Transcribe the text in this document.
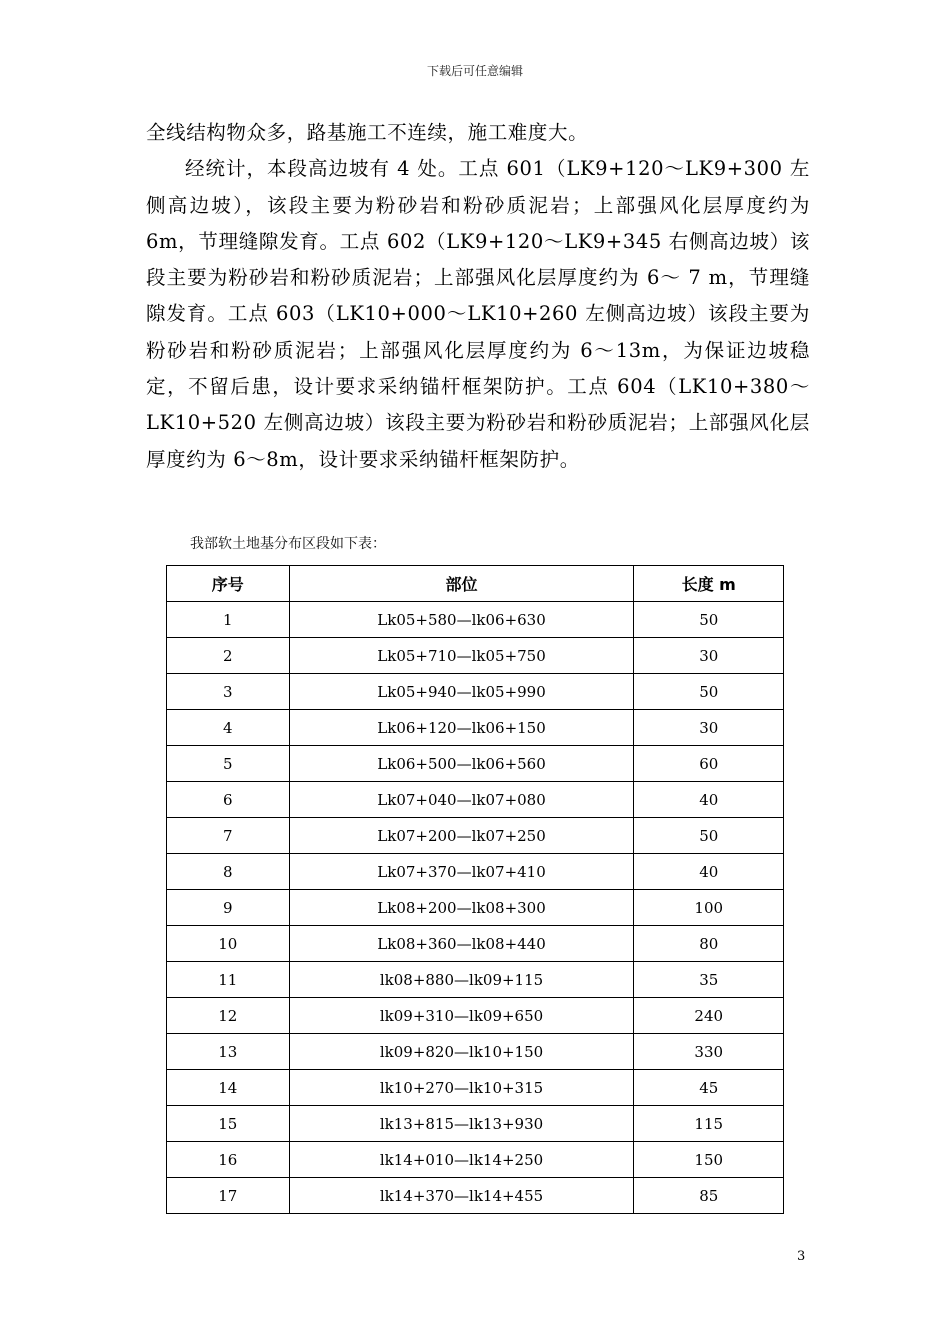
下载后可任意编辑

全线结构物众多，路基施工不连续，施工难度大。

经统计，本段高边坡有 4 处。工点 601（LK9+120～LK9+300 左侧高边坡），该段主要为粉砂岩和粉砂质泥岩；上部强风化层厚度约为 6m，节理缝隙发育。工点 602（LK9+120～LK9+345 右侧高边坡）该段主要为粉砂岩和粉砂质泥岩；上部强风化层厚度约为 6～ 7 m，节理缝隙发育。工点 603（LK10+000～LK10+260 左侧高边坡）该段主要为粉砂岩和粉砂质泥岩；上部强风化层厚度约为 6～13m，为保证边坡稳定，不留后患，设计要求采纳锚杆框架防护。工点 604（LK10+380～LK10+520 左侧高边坡）该段主要为粉砂岩和粉砂质泥岩；上部强风化层厚度约为 6～8m，设计要求采纳锚杆框架防护。

我部软土地基分布区段如下表：
序号	部位	长度 m
1	Lk05+580—lk06+630	50
2	Lk05+710—lk05+750	30
3	Lk05+940—lk05+990	50
4	Lk06+120—lk06+150	30
5	Lk06+500—lk06+560	60
6	Lk07+040—lk07+080	40
7	Lk07+200—lk07+250	50
8	Lk07+370—lk07+410	40
9	Lk08+200—lk08+300	100
10	Lk08+360—lk08+440	80
11	lk08+880—lk09+115	35
12	lk09+310—lk09+650	240
13	lk09+820—lk10+150	330
14	lk10+270—lk10+315	45
15	lk13+815—lk13+930	115
16	lk14+010—lk14+250	150
17	lk14+370—lk14+455	85
3
